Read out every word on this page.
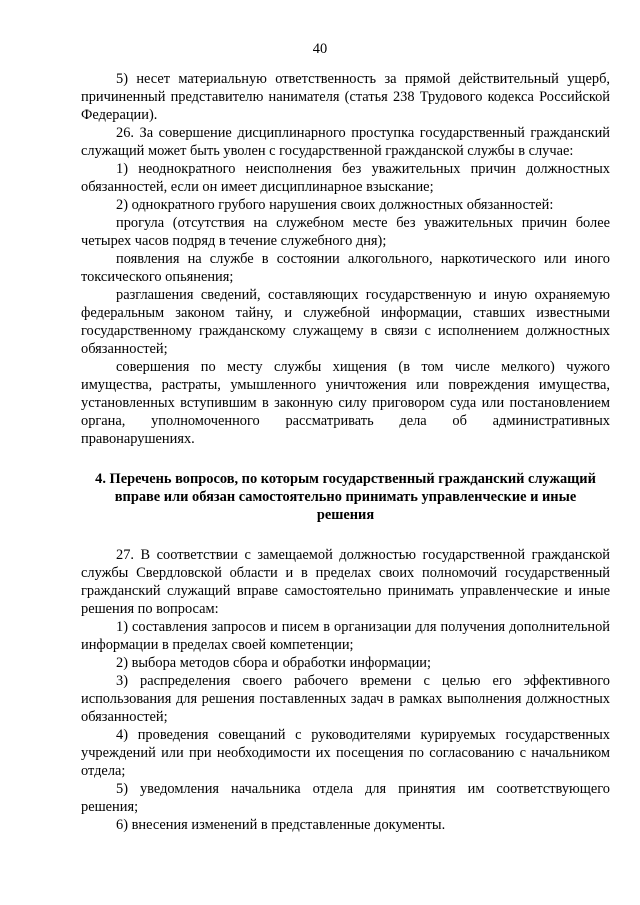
40

5) несет материальную ответственность за прямой действительный ущерб, причиненный представителю нанимателя (статья 238 Трудового кодекса Российской Федерации).

26. За совершение дисциплинарного проступка государственный гражданский служащий может быть уволен с государственной гражданской службы в случае:

1) неоднократного неисполнения без уважительных причин должностных обязанностей, если он имеет дисциплинарное взыскание;

2) однократного грубого нарушения своих должностных обязанностей:

прогула (отсутствия на служебном месте без уважительных причин более четырех часов подряд в течение служебного дня);

появления на службе в состоянии алкогольного, наркотического или иного токсического опьянения;

разглашения сведений, составляющих государственную и иную охраняемую федеральным законом тайну, и служебной информации, ставших известными государственному гражданскому служащему в связи с исполнением должностных обязанностей;

совершения по месту службы хищения (в том числе мелкого) чужого имущества, растраты, умышленного уничтожения или повреждения имущества, установленных вступившим в законную силу приговором суда или постановлением органа, уполномоченного рассматривать дела об административных правонарушениях.

4. Перечень вопросов, по которым государственный гражданский служащий вправе или обязан самостоятельно принимать управленческие и иные решения

27. В соответствии с замещаемой должностью государственной гражданской службы Свердловской области и в пределах своих полномочий государственный гражданский служащий вправе самостоятельно принимать управленческие и иные решения по вопросам:

1) составления запросов и писем в организации для получения дополнительной информации в пределах своей компетенции;

2) выбора методов сбора и обработки информации;

3) распределения своего рабочего времени с целью его эффективного использования для решения поставленных задач в рамках выполнения должностных обязанностей;

4) проведения совещаний с руководителями курируемых государственных учреждений или при необходимости их посещения по согласованию с начальником отдела;

5) уведомления начальника отдела для принятия им соответствующего решения;

6) внесения изменений в представленные документы.
